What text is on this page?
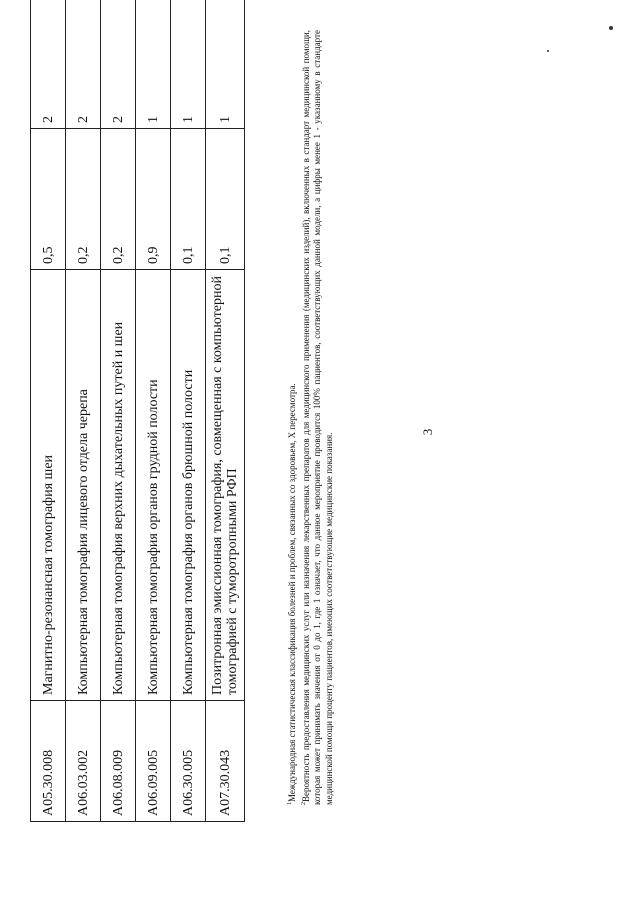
3
A05.30.008	Магнитно-резонансная томография шеи	0,5	2
A06.03.002	Компьютерная томография лицевого отдела черепа	0,2	2
A06.08.009	Компьютерная томография верхних дыхательных путей и шеи	0,2	2
A06.09.005	Компьютерная томография органов грудной полости	0,9	1
A06.30.005	Компьютерная томография органов брюшной полости	0,1	1
A07.30.043	Позитронная эмиссионная томография, совмещенная с компьютерной томографией с туморотропными РФП	0,1	1

$^1$Международная статистическая классификация болезней и проблем, связанных со здоровьем, X пересмотра.

$^2$Вероятность предоставления медицинских услуг или назначения лекарственных препаратов для медицинского применения (медицинских изделий), включенных в стандарт медицинской помощи, которая может принимать значения от 0 до 1, где 1 означает, что данное мероприятие проводится 100% пациентов, соответствующих данной модели, а цифры менее 1 - указанному в стандарте медицинской помощи проценту пациентов, имеющих соответствующие медицинские показания.
